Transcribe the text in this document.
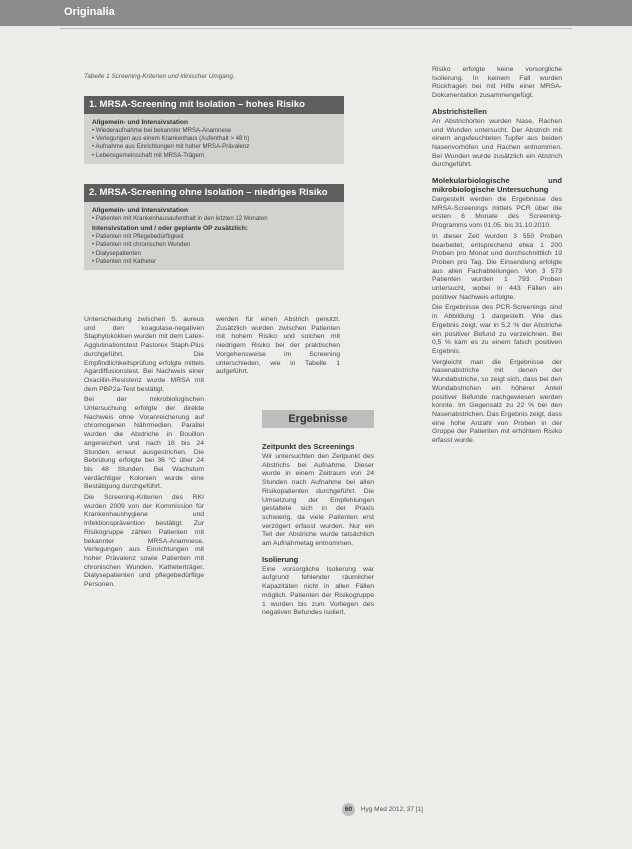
Originalia
Tabelle 1 Screening-Kriterien und klinischer Umgang.
1. MRSA-Screening mit Isolation – hohes Risiko
Allgemein- und Intensivstation
• Wiederaufnahme bei bekannter MRSA-Anamnese
• Verlegungen aus einem Krankenhaus (Aufenthalt > 48 h)
• Aufnahme aus Einrichtungen mit hoher MRSA-Prävalenz
• Lebensgemeinschaft mit MRSA-Trägern
2. MRSA-Screening ohne Isolation – niedriges Risiko
Allgemein- und Intensivstation
• Patienten mit Krankenhausaufenthalt in den letzten 12 Monaten
Intensivstation und / oder geplante OP zusätzlich:
• Patienten mit Pflegebedürftigkeit
• Patienten mit chronischen Wunden
• Dialysepatienten
• Patienten mit Katheter

Unterscheidung zwischen S. aureus und den koagulase-negativen Staphylokokken wurden mit dem Latex-Agglutinationstest Pastorex Staph-Plus durchgeführt. Die Empfindlichkeitsprüfung erfolgte mittels Agardiffusionstest. Bei Nachweis einer Oxacillin-Resistenz wurde MRSA mit dem PBP2a-Test bestätigt.

Bei der mikrobiologischen Untersuchung erfolgte der direkte Nachweis ohne Voranreicherung auf chromogenen Nährmedien. Parallel wurden die Abstriche in Bouillon angereichert und nach 18 bis 24 Stunden erneut ausgestrichen. Die Bebrütung erfolgte bei 36 °C über 24 bis 48 Stunden. Bei Wachstum verdächtiger Kolonien wurde eine Bestätigung durchgeführt.

Die Screening-Kriterien des RKI wurden 2009 von der Kommission für Krankenhaushygiene und Infektionsprävention bestätigt. Zur Risikogruppe zählen Patienten mit bekannter MRSA-Anamnese, Verlegungen aus Einrichtungen mit hoher Prävalenz sowie Patienten mit chronischen Wunden, Katheterträger, Dialysepatienten und pflegebedürftige Personen.

werden für einen Abstrich genutzt. Zusätzlich wurden zwischen Patienten mit hohem Risiko und solchen mit niedrigem Risiko bei der praktischen Vorgehensweise im Screening unterschieden, wie in Tabelle 1 aufgeführt.

Ergebnisse
Zeitpunkt des Screenings

Wir untersuchten den Zeitpunkt des Abstrichs bei Aufnahme. Dieser wurde in einem Zeitraum von 24 Stunden nach Aufnahme bei allen Risikopatienten durchgeführt. Die Umsetzung der Empfehlungen gestaltete sich in der Praxis schwierig, da viele Patienten erst verzögert erfasst wurden. Nur ein Teil der Abstriche wurde tatsächlich am Aufnahmetag entnommen.

Isolierung

Eine vorsorgliche Isolierung war aufgrund fehlender räumlicher Kapazitäten nicht in allen Fällen möglich. Patienten der Risikogruppe 1 wurden bis zum Vorliegen des negativen Befundes isoliert.

Risiko erfolgte keine vorsorgliche Isolierung. In keinem Fall wurden Rückfragen bei mit Hilfe einer MRSA-Dokumentation zusammengefügt.

Abstrichstellen

An Abstrichorten wurden Nase, Rachen und Wunden untersucht. Der Abstrich mit einem angefeuchteten Tupfer aus beiden Nasenvorhöfen und Rachen entnommen. Bei Wunden wurde zusätzlich ein Abstrich durchgeführt.

Molekularbiologische und mikrobiologische Untersuchung

Dargestellt werden die Ergebnisse des MRSA-Screenings mittels PCR über die ersten 6 Monate des Screening-Programms vom 01.05. bis 31.10.2010.

In dieser Zeit wurden 3 550 Proben bearbeitet, entsprechend etwa 1 200 Proben pro Monat und durchschnittlich 19 Proben pro Tag. Die Einsendung erfolgte aus allen Fachabteilungen. Von 3 573 Patienten wurden 1 793 Proben untersucht, wobei in 443 Fällen ein positiver Nachweis erfolgte.

Die Ergebnisse des PCR-Screenings sind in Abbildung 1 dargestellt. Wie das Ergebnis zeigt, war in 5,2 % der Abstriche ein positiver Befund zu verzeichnen. Bei 0,5 % kam es zu einem falsch positiven Ergebnis.

Vergleicht man die Ergebnisse der Nasenabstriche mit denen der Wundabstriche, so zeigt sich, dass bei den Wundabstrichen ein höherer Anteil positiver Befunde nachgewiesen werden konnte. Im Gegensatz zu 22 % bei den Nasenabstrichen. Das Ergebnis zeigt, dass eine hohe Anzahl von Proben in der Gruppe der Patienten mit erhöhtem Risiko erfasst wurde.

60 Hyg Med 2012; 37 [1]
